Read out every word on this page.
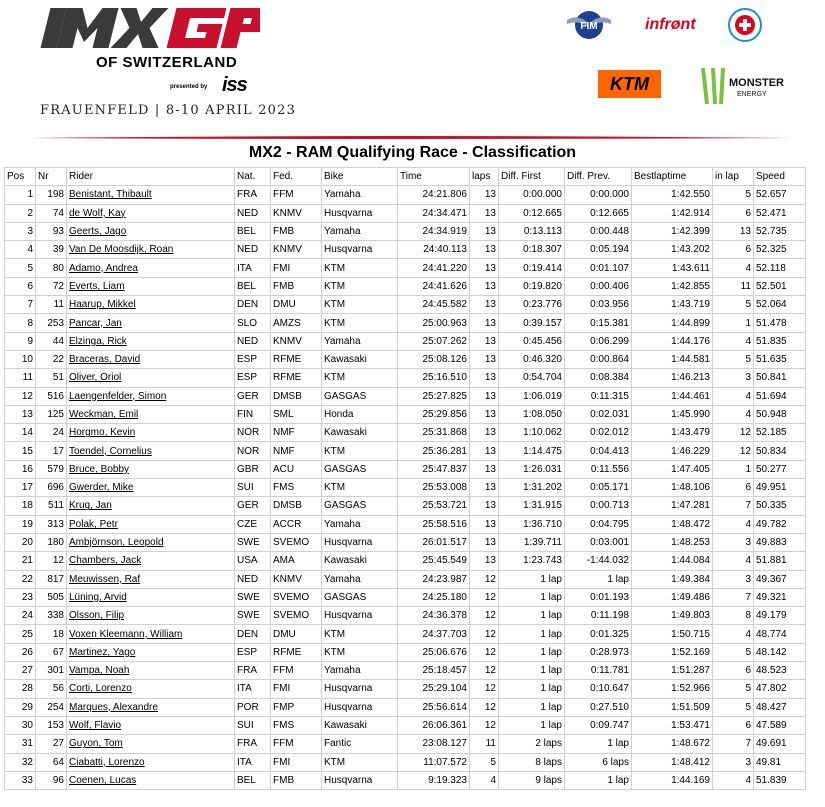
OF SWITZERLAND
presented by iss
FRAUENFELD | 8-10 APRIL 2023
FIM	infrønt
KTM	MONSTER
ENERGY
MX2 - RAM Qualifying Race - Classification
Pos	Nr	Rider	Nat.	Fed.	Bike	Time	laps	Diff. First	Diff. Prev.	Bestlaptime	in lap	Speed
1	198	Benistant, Thibault	FRA	FFM	Yamaha	24:21.806	13	0:00.000	0:00.000	1:42.550	5	52.657
2	74	de Wolf, Kay	NED	KNMV	Husqvarna	24:34.471	13	0:12.665	0:12.665	1:42.914	6	52.471
3	93	Geerts, Jago	BEL	FMB	Yamaha	24:34.919	13	0:13.113	0:00.448	1:42.399	13	52.735
4	39	Van De Moosdijk, Roan	NED	KNMV	Husqvarna	24:40.113	13	0:18.307	0:05.194	1:43.202	6	52.325
5	80	Adamo, Andrea	ITA	FMI	KTM	24:41.220	13	0:19.414	0:01.107	1:43.611	4	52.118
6	72	Everts, Liam	BEL	FMB	KTM	24:41.626	13	0:19.820	0:00.406	1:42.855	11	52.501
7	11	Haarup, Mikkel	DEN	DMU	KTM	24:45.582	13	0:23.776	0:03.956	1:43.719	5	52.064
8	253	Pancar, Jan	SLO	AMZS	KTM	25:00.963	13	0:39.157	0:15.381	1:44.899	1	51.478
9	44	Elzinga, Rick	NED	KNMV	Yamaha	25:07.262	13	0:45.456	0:06.299	1:44.176	4	51.835
10	22	Braceras, David	ESP	RFME	Kawasaki	25:08.126	13	0:46.320	0:00.864	1:44.581	5	51.635
11	51	Oliver, Oriol	ESP	RFME	KTM	25:16.510	13	0:54.704	0:08.384	1:46.213	3	50.841
12	516	Laengenfelder, Simon	GER	DMSB	GASGAS	25:27.825	13	1:06.019	0:11.315	1:44.461	4	51.694
13	125	Weckman, Emil	FIN	SML	Honda	25:29.856	13	1:08.050	0:02.031	1:45.990	4	50.948
14	24	Horgmo, Kevin	NOR	NMF	Kawasaki	25:31.868	13	1:10.062	0:02.012	1:43.479	12	52.185
15	17	Toendel, Cornelius	NOR	NMF	KTM	25:36.281	13	1:14.475	0:04.413	1:46.229	12	50.834
16	579	Bruce, Bobby	GBR	ACU	GASGAS	25:47.837	13	1:26.031	0:11.556	1:47.405	1	50.277
17	696	Gwerder, Mike	SUI	FMS	KTM	25:53.008	13	1:31.202	0:05.171	1:48.106	6	49.951
18	511	Krug, Jan	GER	DMSB	GASGAS	25:53.721	13	1:31.915	0:00.713	1:47.281	7	50.335
19	313	Polak, Petr	CZE	ACCR	Yamaha	25:58.516	13	1:36.710	0:04.795	1:48.472	4	49.782
20	180	Ambjörnson, Leopold	SWE	SVEMO	Husqvarna	26:01.517	13	1:39.711	0:03.001	1:48.253	3	49.883
21	12	Chambers, Jack	USA	AMA	Kawasaki	25:45.549	13	1:23.743	-1:44.032	1:44.084	4	51.881
22	817	Meuwissen, Raf	NED	KNMV	Yamaha	24:23.987	12	1 lap	1 lap	1:49.384	3	49.367
23	505	Lüning, Arvid	SWE	SVEMO	GASGAS	24:25.180	12	1 lap	0:01.193	1:49.486	7	49.321
24	338	Olsson, Filip	SWE	SVEMO	Husqvarna	24:36.378	12	1 lap	0:11.198	1:49.803	8	49.179
25	18	Voxen Kleemann, William	DEN	DMU	KTM	24:37.703	12	1 lap	0:01.325	1:50.715	4	48.774
26	67	Martinez, Yago	ESP	RFME	KTM	25:06.676	12	1 lap	0:28.973	1:52.169	5	48.142
27	301	Vampa, Noah	FRA	FFM	Yamaha	25:18.457	12	1 lap	0:11.781	1:51.287	6	48.523
28	56	Corti, Lorenzo	ITA	FMI	Husqvarna	25:29.104	12	1 lap	0:10.647	1:52.966	5	47.802
29	254	Marques, Alexandre	POR	FMP	Husqvarna	25:56.614	12	1 lap	0:27.510	1:51.509	5	48.427
30	153	Wolf, Flavio	SUI	FMS	Kawasaki	26:06.361	12	1 lap	0:09.747	1:53.471	6	47.589
31	27	Guyon, Tom	FRA	FFM	Fantic	23:08.127	11	2 laps	1 lap	1:48.672	7	49.691
32	64	Ciabatti, Lorenzo	ITA	FMI	KTM	11:07.572	5	8 laps	6 laps	1:48.412	3	49.81
33	96	Coenen, Lucas	BEL	FMB	Husqvarna	9:19.323	4	9 laps	1 lap	1:44.169	4	51.839
